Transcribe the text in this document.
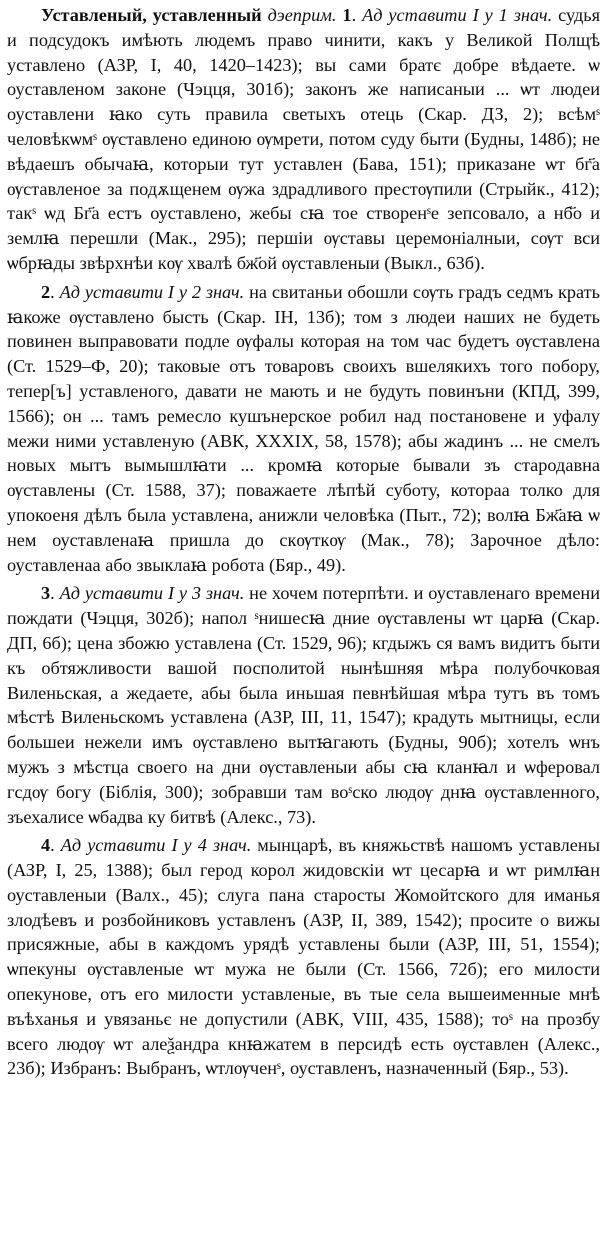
Уставленый, уставленный дэеприм. 1. Ад уставити І у 1 знач. судья и подсудокъ имѣють людемъ право чинити, какъ у Великой Полщѣ уставлено (АЗР, I, 40, 1420–1423); вы сами братє добре вѣдаете. ѡ оуставленом законе (Чэцця, 301б); законъ же написаныи ... ѡт людеи оуставлени ꙗко суть правила светыхъ отець (Скар. ДЗ, 2); всѣмˢ человѣкѡмˢ ѹставлено единою ѹмрети, потом суду быти (Будны, 148б); не вѣдаешъ обычаꙗ, которыи тут уставлен (Бава, 151); приказане ѡт бг҃а ѹставленое за подѫщенем ѹжа здрадливого престѹпили (Стрыйк., 412); такˢ ѡд Бг҃а естъ оуставлено, жебы сꙗ тое створенˢе зепсовало, а нб҃о и землꙗ перешли (Мак., 295); першіи ѹставы церемоніалныи, сѹт вси ѡбрꙗды звѣрхнѣи кѹ хвалѣ бж҃ой ѹставленыи (Выкл., 63б).

2. Ад уставити І у 2 знач. на свитаньи обошли сѹть градъ седмъ крать ꙗкоже ѹставлено бысть (Скар. ІН, 13б); том з людеи наших не будеть повинен выправовати подле ѹфалы которая на том час будетъ ѹставлена (Ст. 1529–Ф, 20); таковые отъ товаровъ своихъ вшелякихъ того побору, тепер[ъ] уставленого, давати не мають и не будуть повинъни (КПД, 399, 1566); он ... тамъ ремесло кушънерское робил над постановене и уфалу межи ними уставленую (АВК, XXXIX, 58, 1578); абы жадинъ ... не смелъ новых мытъ вымышлꙗти ... кромꙗ которые бывали зъ стародавна ѹставлены (Ст. 1588, 37); поважаете лѣпѣй суботу, котораа толко для упокоеня дѣлъ была уставлена, анижли человѣка (Пыт., 72); волꙗ Бж҃аꙗ ѡ нем оуставленаꙗ пришла до скѹткѹ (Мак., 78); Зарочное дѣло: оуставленаа або звыклаꙗ робота (Бяр., 49).

3. Ад уставити І у 3 знач. не хочем потерпѣти. и оуставленаго времени пождати (Чэцця, 302б); напол ˢнишесꙗ дние ѹставлены ѡт царꙗ (Скар. ДП, 6б); цена збожю уставлена (Ст. 1529, 96); кгдыжъ ся вамъ видитъ быти къ обтяжливости вашой посполитой нынѣшняя мѣра полубочковая Виленьская, а жедаете, абы была иньшая певнѣйшая мѣра тутъ въ томъ мѣстѣ Виленьскомъ уставлена (АЗР, III, 11, 1547); крадуть мытницы, если большеи нежели имъ ѹставлено вытꙗгають (Будны, 90б); хотелъ ѡнъ мужъ з мѣстца своего на дни ѹставленыи абы сꙗ кланꙗл и ѡферовал гсдѹ богу (Біблія, 300); зобравши там воˢско людѹ днꙗ ѹставленного, зъехалисе ѡбадва ку битвѣ (Алекс., 73).

4. Ад уставити І у 4 знач. мынцарѣ, въ княжьствѣ нашомъ уставлены (АЗР, I, 25, 1388); был герод корол жидовскіи ѡт цесарꙗ и ѡт римлꙗн оуставленыи (Валх., 45); слуга пана старосты Жомойтского для иманья злодѣевъ и розбойниковъ уставленъ (АЗР, II, 389, 1542); просите о вижы присяжные, абы в каждомъ урядѣ уставлены были (АЗР, III, 51, 1554); ѡпекуны ѹставленые ѡт мужа не были (Ст. 1566, 72б); его милости опекунове, отъ его милости уставленые, въ тые села вышеименные мнѣ въѣханья и увязаньє не допустили (АВК, VIII, 435, 1588); тоˢ на прозбу всего людѹ ѡт алеѯандра кнꙗжатем в персидѣ есть ѹставлен (Алекс., 23б); Избранъ: Выбранъ, ѡтлѹченˢ, оуставленъ, назначенный (Бяр., 53).
